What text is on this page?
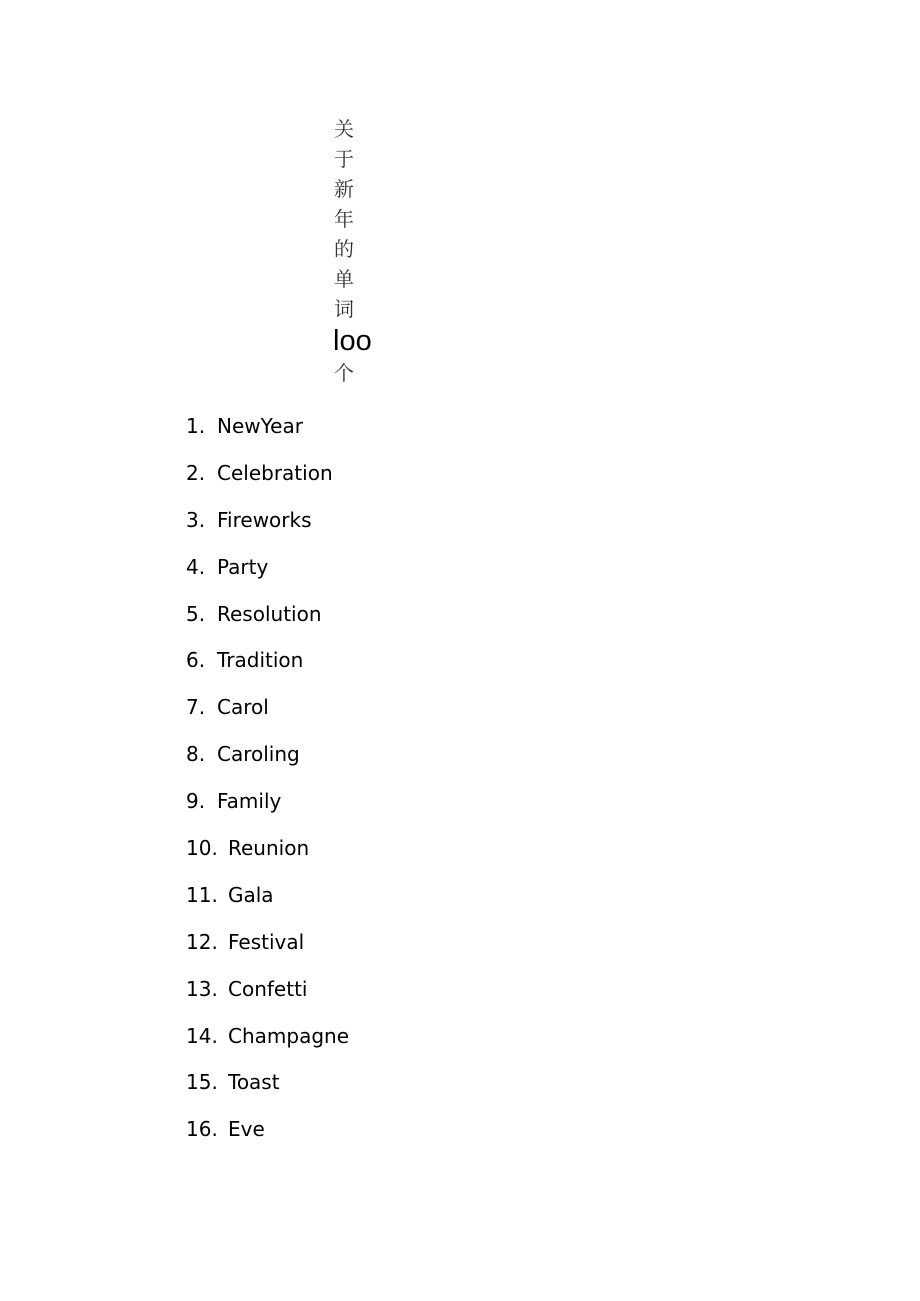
关
于
新
年
的
单
词
loo
个
1. NewYear
2. Celebration
3. Fireworks
4. Party
5. Resolution
6. Tradition
7. Carol
8. Caroling
9. Family
10. Reunion
11. Gala
12. Festival
13. Confetti
14. Champagne
15. Toast
16. Eve
